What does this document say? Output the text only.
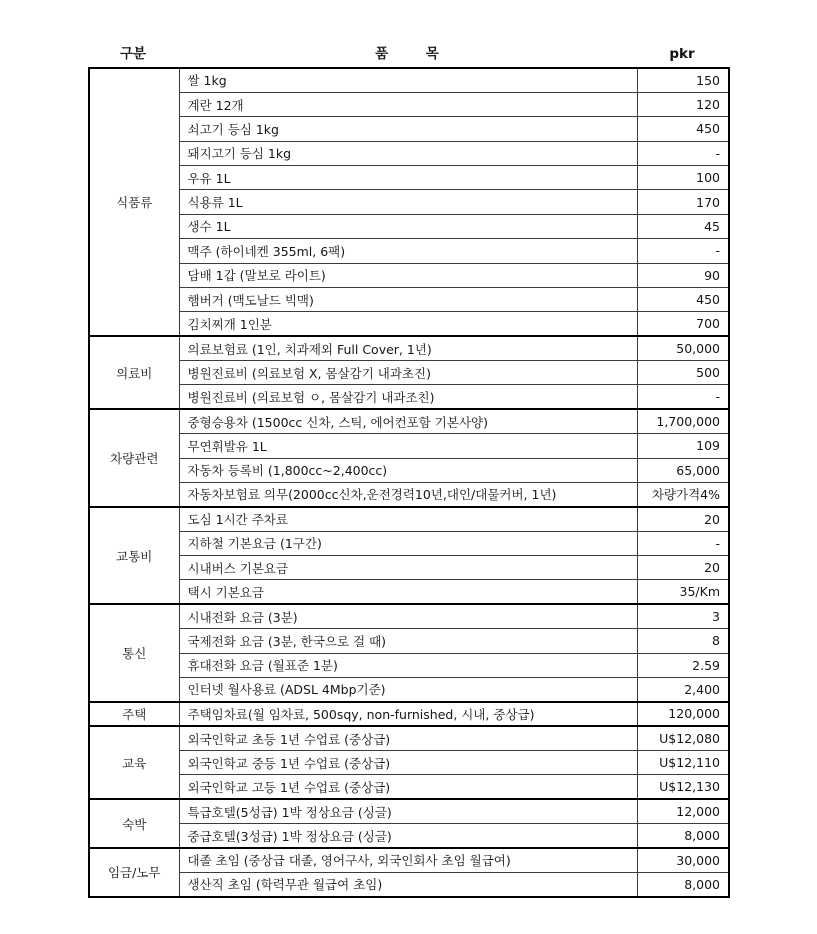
구분	품        목	pkr
식품류	쌀 1kg	150
	계란 12개	120
	쇠고기 등심 1kg	450
	돼지고기 등심 1kg	-
	우유 1L	100
	식용류 1L	170
	생수 1L	45
	맥주 (하이네켄 355ml, 6팩)	-
	담배 1갑 (말보로 라이트)	90
	햄버거 (맥도날드 빅맥)	450
	김치찌개 1인분	700
의료비	의료보험료 (1인, 치과제외 Full Cover, 1년)	50,000
	병원진료비 (의료보험 X, 몸살감기 내과초진)	500
	병원진료비 (의료보험 ㅇ, 몸살감기 내과조친)	-
차량관련	중형승용차 (1500cc 신차, 스틱, 에어컨포함 기본사양)	1,700,000
	무연휘발유 1L	109
	자동차 등록비 (1,800cc~2,400cc)	65,000
	자동차보험료 의무(2000cc신차,운전경력10년,대인/대물커버, 1년)	차량가격4%
교통비	도심 1시간 주차료	20
	지하철 기본요금 (1구간)	-
	시내버스 기본요금	20
	택시 기본요금	35/Km
통신	시내전화 요금 (3분)	3
	국제전화 요금 (3분, 한국으로 걸 때)	8
	휴대전화 요금 (월표준 1분)	2.59
	인터넷 월사용료 (ADSL 4Mbp기준)	2,400
주택	주택임차료(월 임차료, 500sqy, non-furnished, 시내, 중상급)	120,000
교육	외국인학교 초등 1년 수업료 (중상급)	U$12,080
	외국인학교 중등 1년 수업료 (중상급)	U$12,110
	외국인학교 고등 1년 수업료 (중상급)	U$12,130
숙박	특급호텔(5성급) 1박 정상요금 (싱글)	12,000
	중급호텔(3성급) 1박 정상요금 (싱글)	8,000
임금/노무	대졸 초임 (중상급 대졸, 영어구사, 외국인회사 초임 월급여)	30,000
	생산직 초임 (학력무관 월급여 초임)	8,000
